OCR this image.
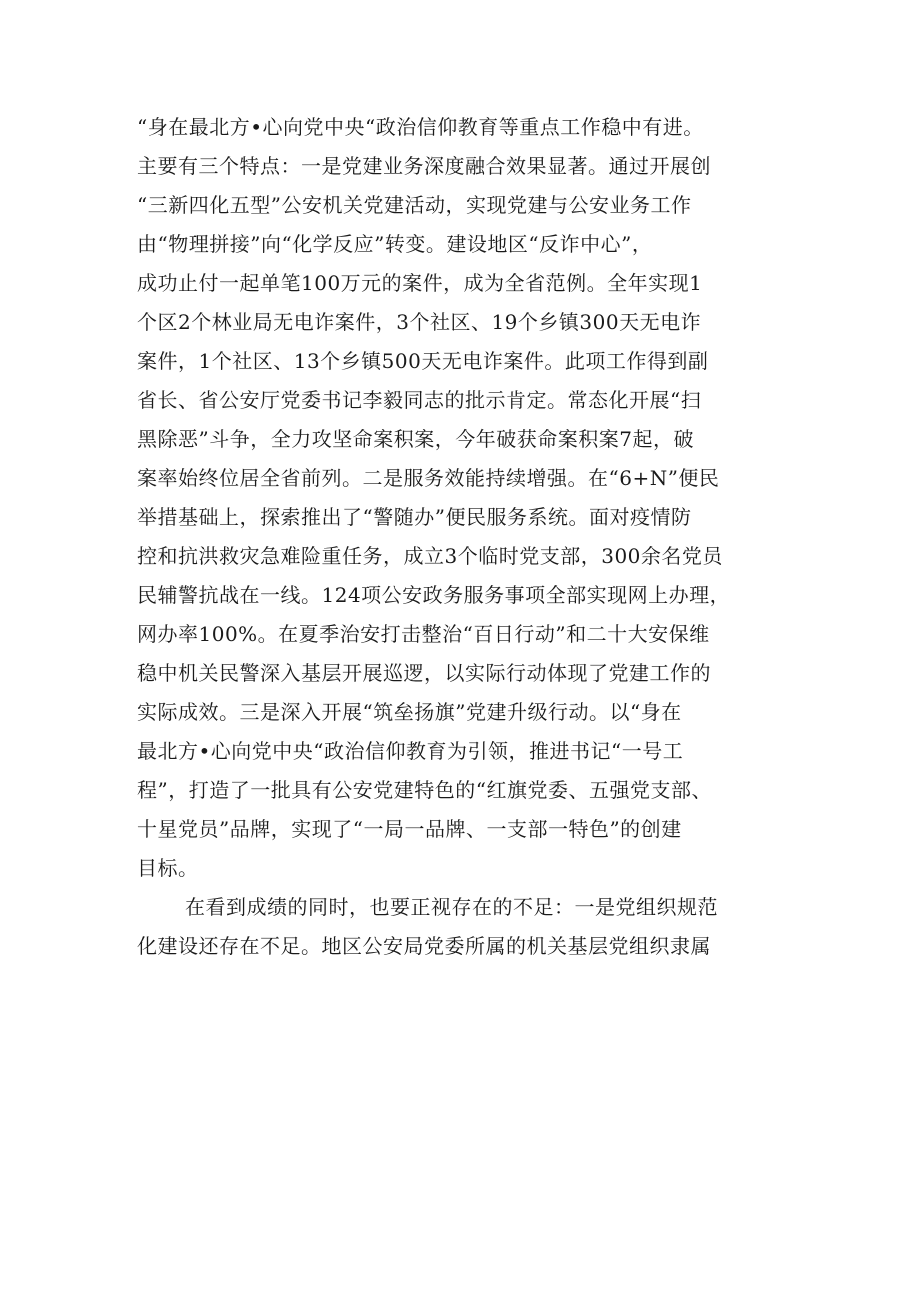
“身在最北方•心向党中央“政治信仰教育等重点工作稳中有进。
主要有三个特点：一是党建业务深度融合效果显著。通过开展创
“三新四化五型”公安机关党建活动，实现党建与公安业务工作
由“物理拼接”向“化学反应”转变。建设地区“反诈中心”，
成功止付一起单笔100万元的案件，成为全省范例。全年实现1
个区2个林业局无电诈案件，3个社区、19个乡镇300天无电诈
案件，1个社区、13个乡镇500天无电诈案件。此项工作得到副
省长、省公安厅党委书记李毅同志的批示肯定。常态化开展“扫
黑除恶”斗争，全力攻坚命案积案，今年破获命案积案7起，破
案率始终位居全省前列。二是服务效能持续增强。在“6+N”便民
举措基础上，探索推出了“警随办”便民服务系统。面对疫情防
控和抗洪救灾急难险重任务，成立3个临时党支部，300余名党员
民辅警抗战在一线。124项公安政务服务事项全部实现网上办理，
网办率100%。在夏季治安打击整治“百日行动”和二十大安保维
稳中机关民警深入基层开展巡逻，以实际行动体现了党建工作的
实际成效。三是深入开展“筑垒扬旗”党建升级行动。以“身在
最北方•心向党中央“政治信仰教育为引领，推进书记“一号工
程”，打造了一批具有公安党建特色的“红旗党委、五强党支部、
十星党员”品牌，实现了“一局一品牌、一支部一特色”的创建
目标。
在看到成绩的同时，也要正视存在的不足：一是党组织规范
化建设还存在不足。地区公安局党委所属的机关基层党组织隶属
